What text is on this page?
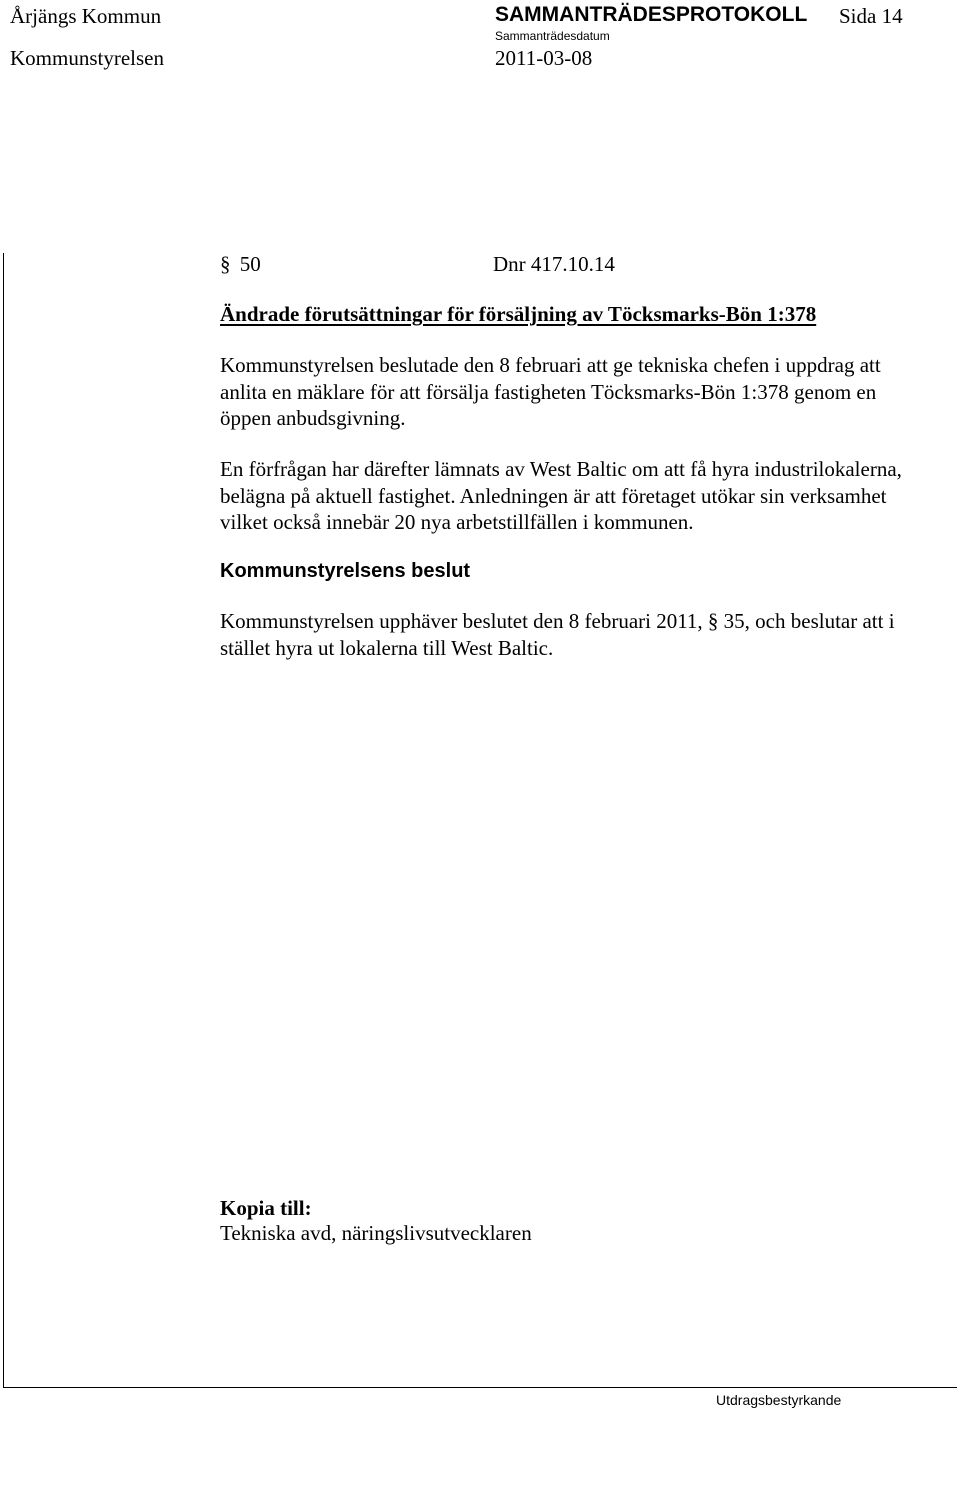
Årjängs Kommun	SAMMANTRÄDESPROTOKOLL Sida 14
Kommunstyrelsen
Sammanträdesdatum
2011-03-08
§ 50	Dnr 417.10.14
Ändrade förutsättningar för försäljning av Töcksmarks-Bön 1:378

Kommunstyrelsen beslutade den 8 februari att ge tekniska chefen i uppdrag att
anlita en mäklare för att försälja fastigheten Töcksmarks-Bön 1:378 genom en
öppen anbudsgivning.

En förfrågan har därefter lämnats av West Baltic om att få hyra industrilokalerna,
belägna på aktuell fastighet. Anledningen är att företaget utökar sin verksamhet
vilket också innebär 20 nya arbetstillfällen i kommunen.

Kommunstyrelsens beslut

Kommunstyrelsen upphäver beslutet den 8 februari 2011, § 35, och beslutar att i
stället hyra ut lokalerna till West Baltic.

Kopia till:
Tekniska avd, näringslivsutvecklaren
Utdragsbestyrkande
